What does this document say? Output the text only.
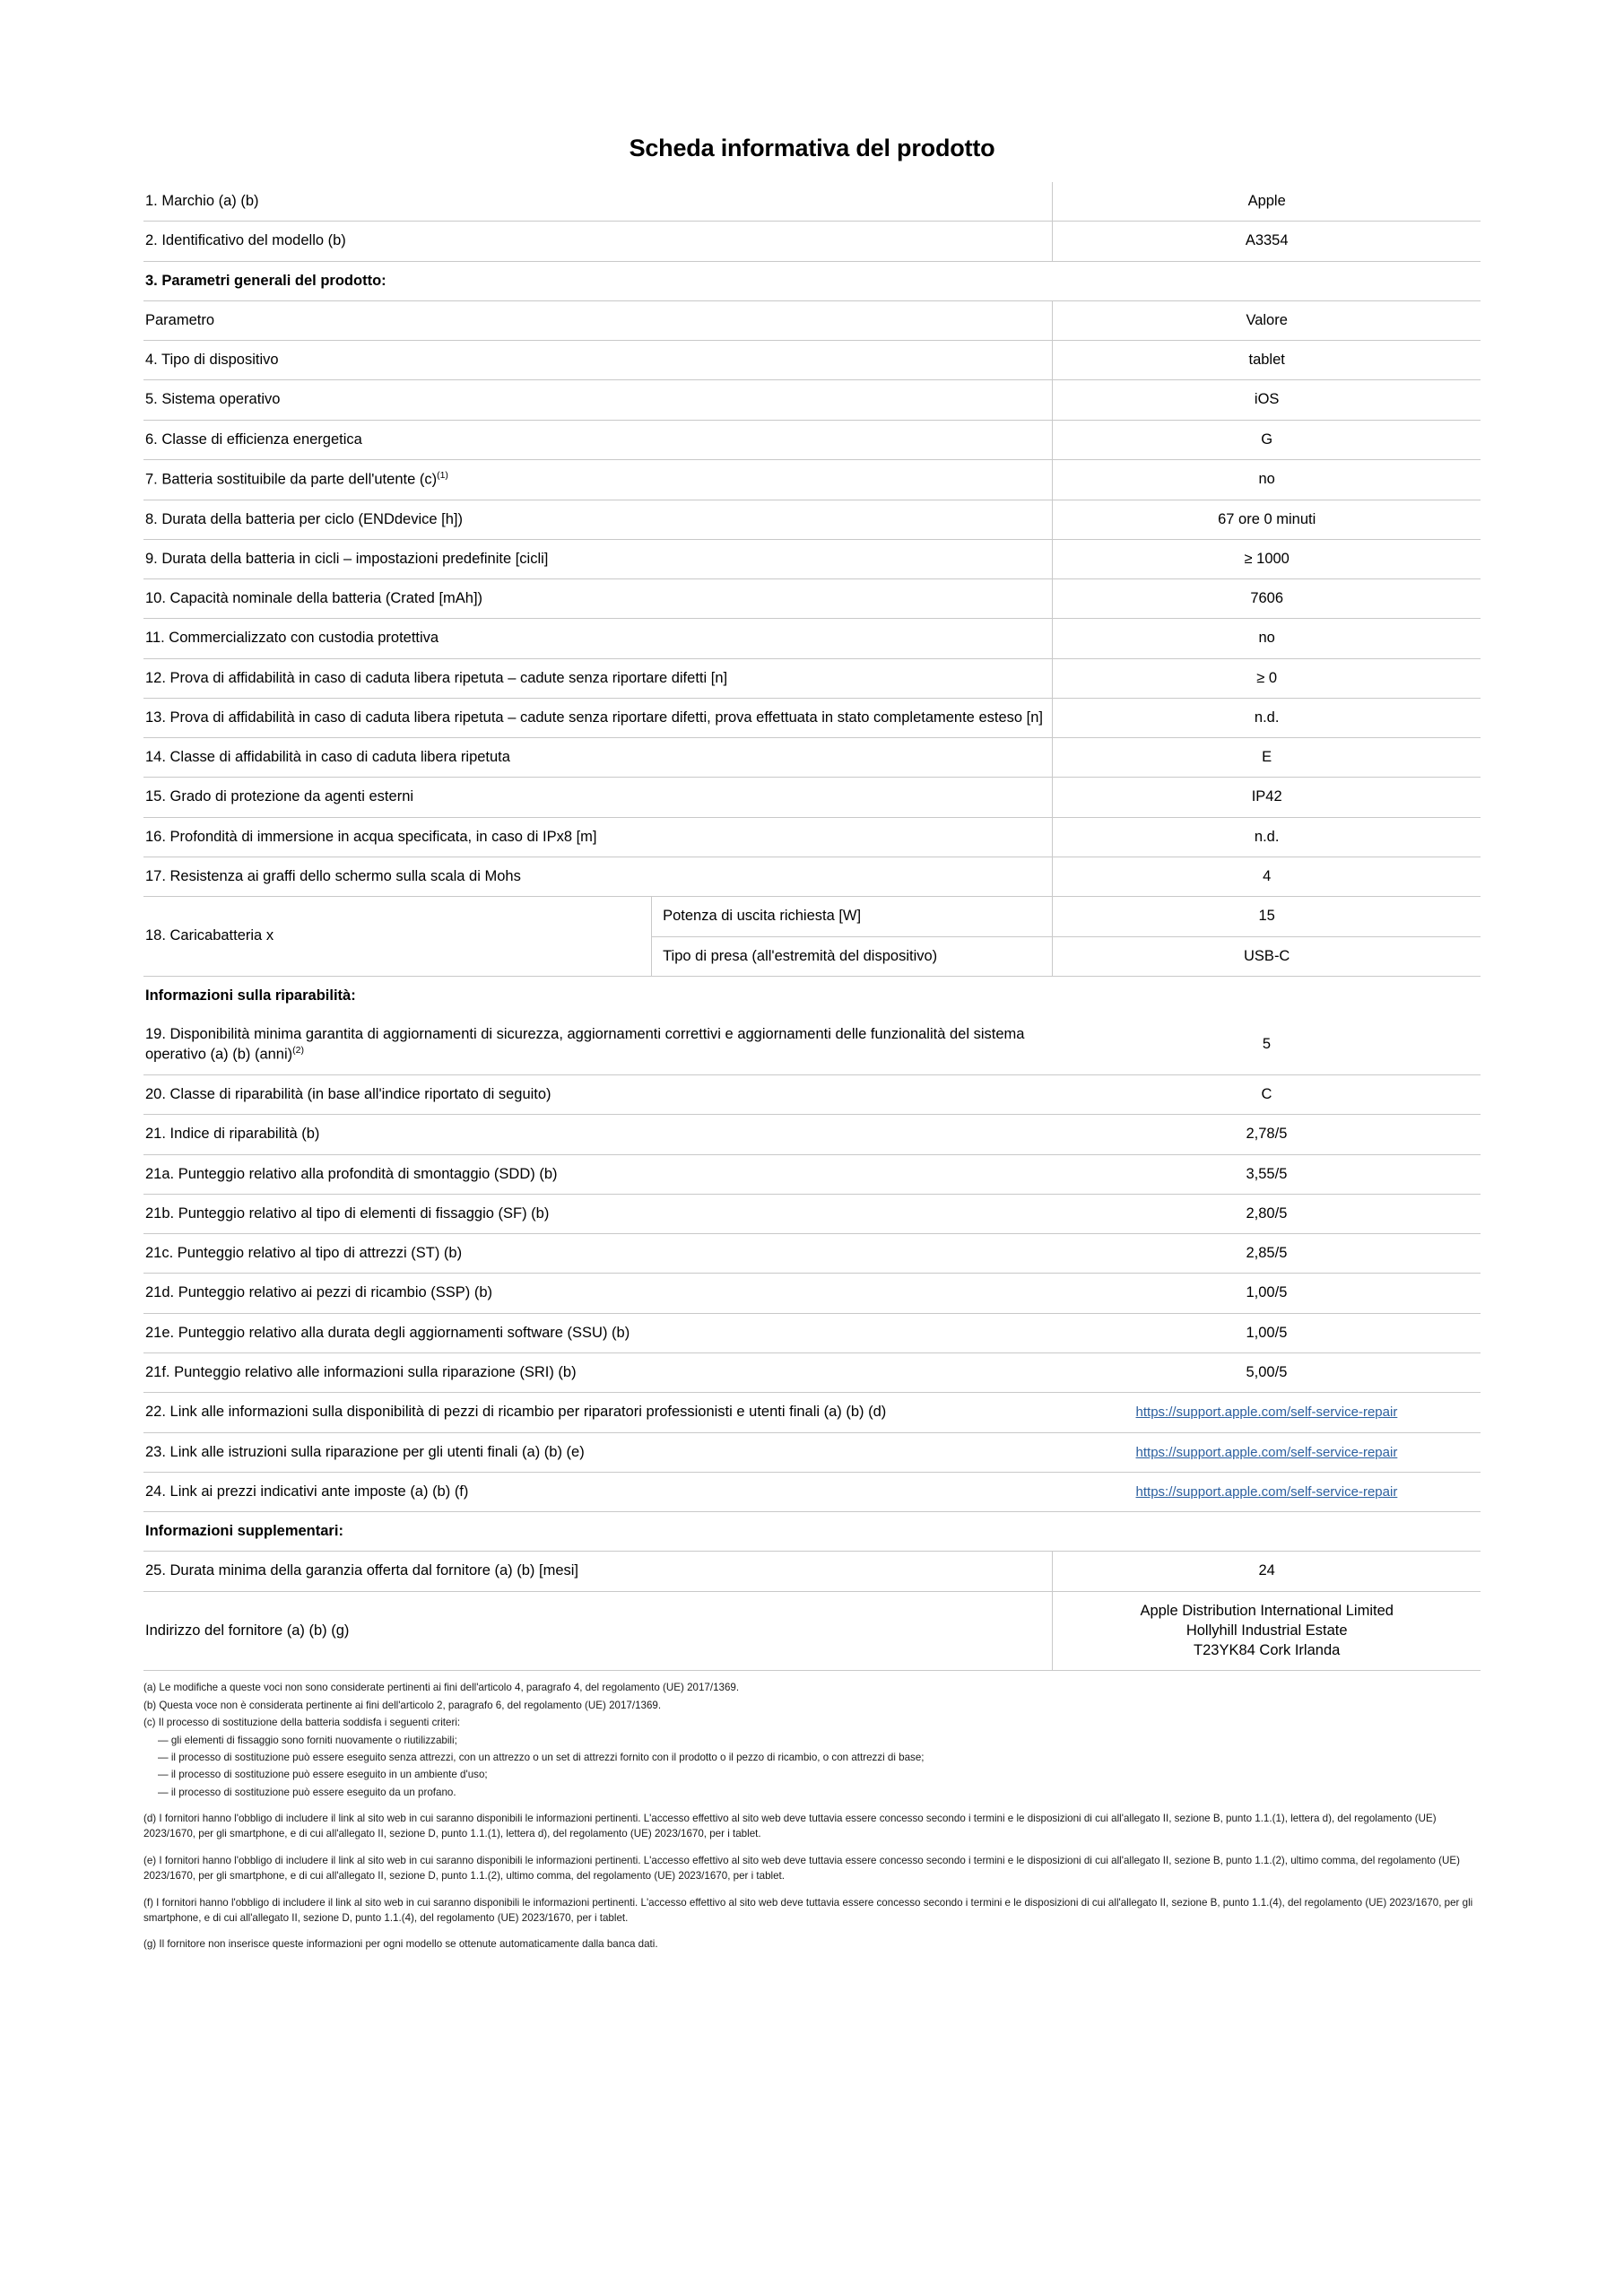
Scheda informativa del prodotto
1. Marchio (a) (b)		Apple
2. Identificativo del modello (b)		A3354
3. Parametri generali del prodotto:		
Parametro		Valore
4. Tipo di dispositivo		tablet
5. Sistema operativo		iOS
6. Classe di efficienza energetica		G
7. Batteria sostituibile da parte dell'utente $(c)^{(1)}$		no
8. Durata della batteria per ciclo (ENDdevice [h])		67 ore 0 minuti
9. Durata della batteria in cicli – impostazioni predefinite [cicli]		≥ 1000
10. Capacità nominale della batteria (Crated [mAh])		7606
11. Commercializzato con custodia protettiva		no
12. Prova di affidabilità in caso di caduta libera ripetuta – cadute senza riportare difetti [n]		≥ 0
13. Prova di affidabilità in caso di caduta libera ripetuta – cadute senza riportare difetti, prova effettuata in stato completamente esteso [n]		n.d.
14. Classe di affidabilità in caso di caduta libera ripetuta		E
15. Grado di protezione da agenti esterni		IP42
16. Profondità di immersione in acqua specificata, in caso di IPx8 [m]		n.d.
17. Resistenza ai graffi dello schermo sulla scala di Mohs		4
18. Caricabatteria x	Potenza di uscita richiesta [W]	15
	Tipo di presa (all'estremità del dispositivo)	USB-C
Informazioni sulla riparabilità:		
19. Disponibilità minima garantita di aggiornamenti di sicurezza, aggiornamenti correttivi e aggiornamenti delle funzionalità del sistema operativo (a) (b) (anni)$^{(2)}$		5
20. Classe di riparabilità (in base all'indice riportato di seguito)		C
21. Indice di riparabilità (b)		2,78/5
21a. Punteggio relativo alla profondità di smontaggio (SDD) (b)		3,55/5
21b. Punteggio relativo al tipo di elementi di fissaggio (SF) (b)		2,80/5
21c. Punteggio relativo al tipo di attrezzi (ST) (b)		2,85/5
21d. Punteggio relativo ai pezzi di ricambio (SSP) (b)		1,00/5
21e. Punteggio relativo alla durata degli aggiornamenti software (SSU) (b)		1,00/5
21f. Punteggio relativo alle informazioni sulla riparazione (SRI) (b)		5,00/5
22. Link alle informazioni sulla disponibilità di pezzi di ricambio per riparatori professionisti e utenti finali (a) (b) (d)		https://support.apple.com/self-service-repair
23. Link alle istruzioni sulla riparazione per gli utenti finali (a) (b) (e)		https://support.apple.com/self-service-repair
24. Link ai prezzi indicativi ante imposte (a) (b) (f)		https://support.apple.com/self-service-repair
Informazioni supplementari:		
25. Durata minima della garanzia offerta dal fornitore (a) (b) [mesi]		24
Indirizzo del fornitore (a) (b) (g)		Apple Distribution International Limited
Hollyhill Industrial Estate
T23YK84 Cork Irlanda

(a) Le modifiche a queste voci non sono considerate pertinenti ai fini dell'articolo 4, paragrafo 4, del regolamento (UE) 2017/1369.

(b) Questa voce non è considerata pertinente ai fini dell'articolo 2, paragrafo 6, del regolamento (UE) 2017/1369.

(c) Il processo di sostituzione della batteria soddisfa i seguenti criteri:

— gli elementi di fissaggio sono forniti nuovamente o riutilizzabili;

— il processo di sostituzione può essere eseguito senza attrezzi, con un attrezzo o un set di attrezzi fornito con il prodotto o il pezzo di ricambio, o con attrezzi di base;

— il processo di sostituzione può essere eseguito in un ambiente d'uso;

— il processo di sostituzione può essere eseguito da un profano.

(d) I fornitori hanno l'obbligo di includere il link al sito web in cui saranno disponibili le informazioni pertinenti. L'accesso effettivo al sito web deve tuttavia essere concesso secondo i termini e le disposizioni di cui all'allegato II, sezione B, punto 1.1.(1), lettera d), del regolamento (UE) 2023/1670, per gli smartphone, e di cui all'allegato II, sezione D, punto 1.1.(1), lettera d), del regolamento (UE) 2023/1670, per i tablet.

(e) I fornitori hanno l'obbligo di includere il link al sito web in cui saranno disponibili le informazioni pertinenti. L'accesso effettivo al sito web deve tuttavia essere concesso secondo i termini e le disposizioni di cui all'allegato II, sezione B, punto 1.1.(2), ultimo comma, del regolamento (UE) 2023/1670, per gli smartphone, e di cui all'allegato II, sezione D, punto 1.1.(2), ultimo comma, del regolamento (UE) 2023/1670, per i tablet.

(f) I fornitori hanno l'obbligo di includere il link al sito web in cui saranno disponibili le informazioni pertinenti. L'accesso effettivo al sito web deve tuttavia essere concesso secondo i termini e le disposizioni di cui all'allegato II, sezione B, punto 1.1.(4), del regolamento (UE) 2023/1670, per gli smartphone, e di cui all'allegato II, sezione D, punto 1.1.(4), del regolamento (UE) 2023/1670, per i tablet.

(g) Il fornitore non inserisce queste informazioni per ogni modello se ottenute automaticamente dalla banca dati.
